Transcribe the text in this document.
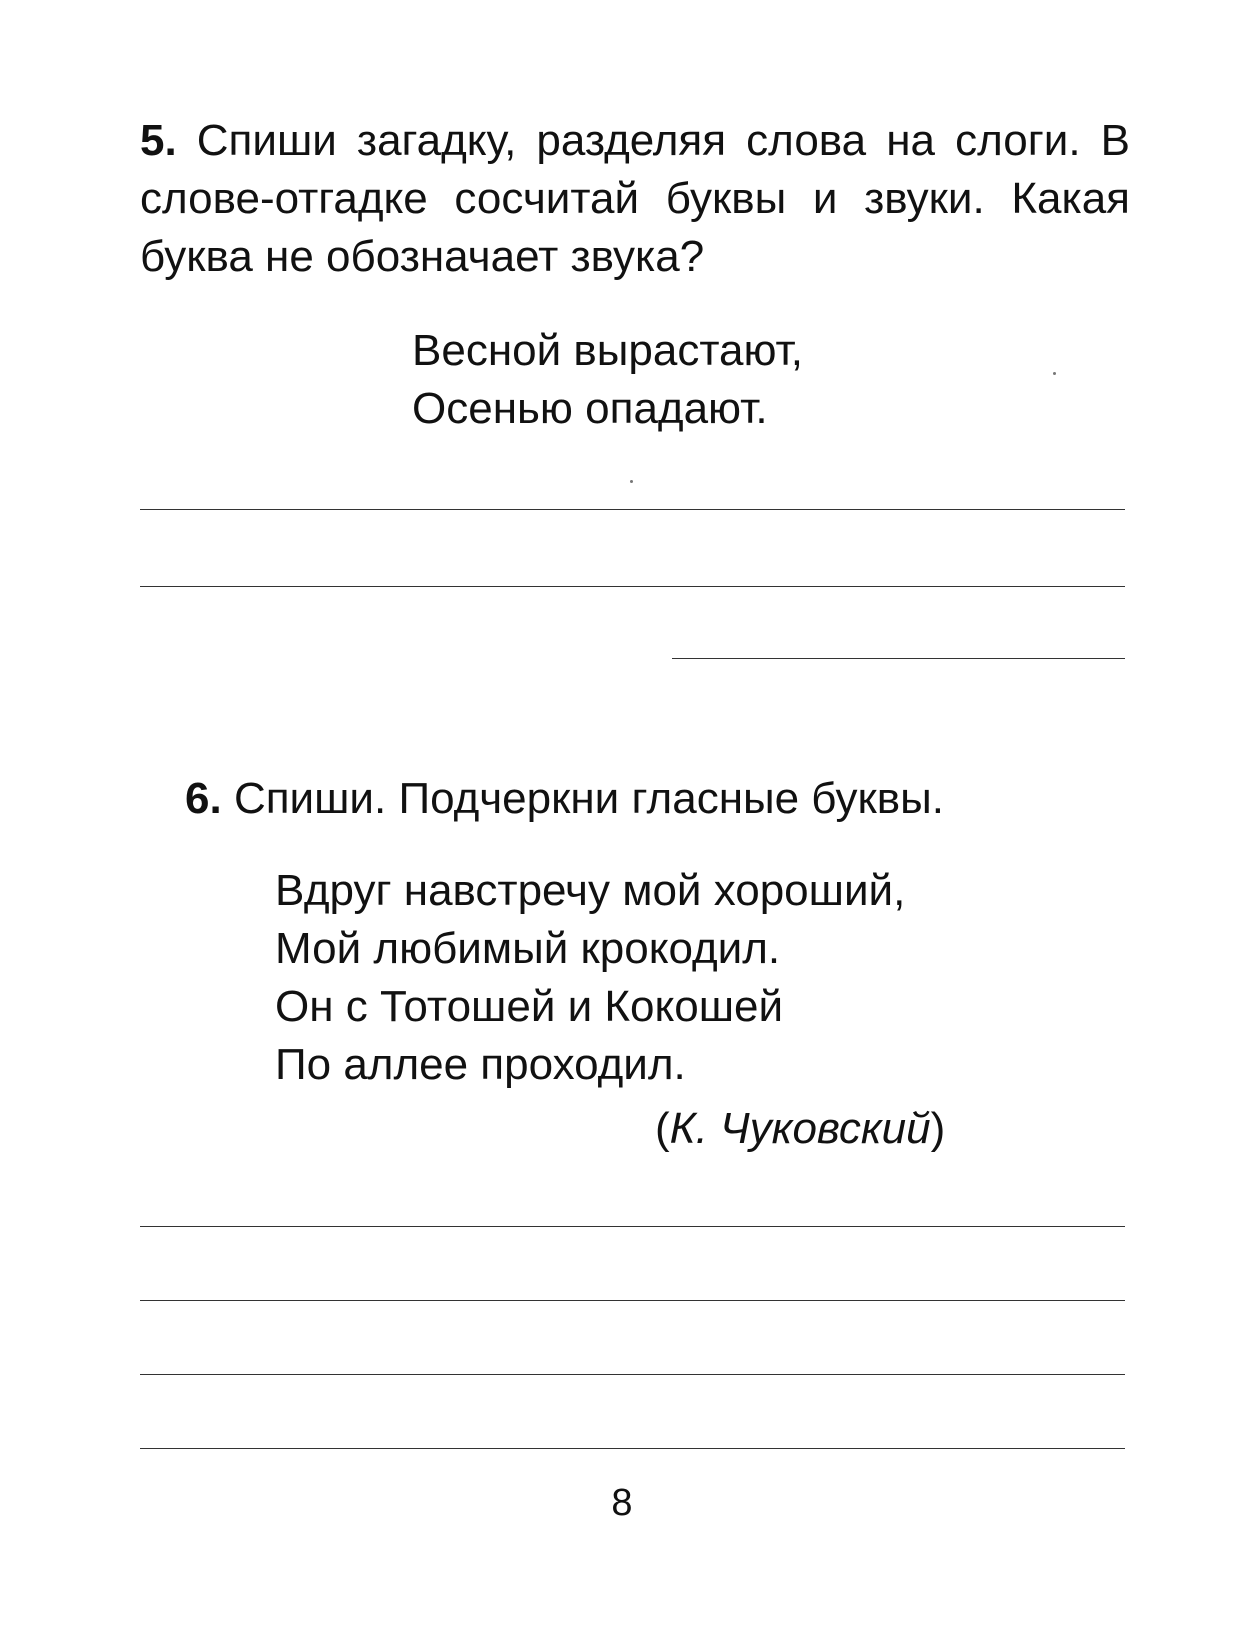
5. Спиши загадку, разделяя слова на слоги. В слове-отгадке сосчитай буквы и звуки. Какая буква не обозначает звука?

Весной вырастают,
Осенью опадают.

6. Спиши. Подчеркни гласные буквы.

Вдруг навстречу мой хороший,
Мой любимый крокодил.
Он с Тотошей и Кокошей
По аллее проходил.
(К. Чуковский)
8
